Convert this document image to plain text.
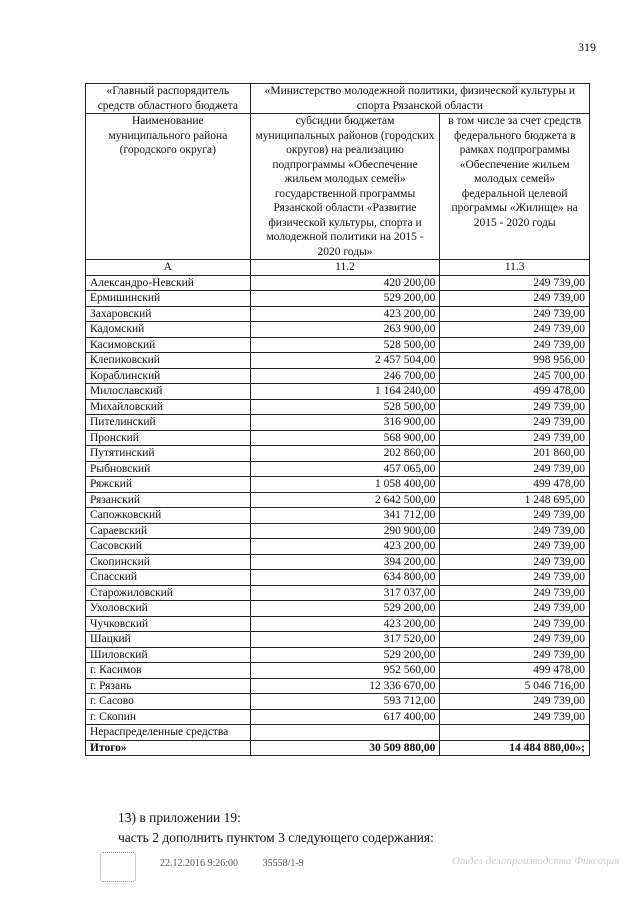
319
«Главный распорядитель средств областного бюджета	«Министерство молодежной политики, физической культуры и спорта Рязанской области	
Наименование муниципального района (городского округа)	субсидии бюджетам муниципальных районов (городских округов) на реализацию подпрограммы «Обеспечение жильем молодых семей» государственной программы Рязанской области «Развитие физической культуры, спорта и молодежной политики на 2015 - 2020 годы»	в том числе за счет средств федерального бюджета в рамках подпрограммы «Обеспечение жильем молодых семей» федеральной целевой программы «Жилище» на 2015 - 2020 годы
А	11.2	11.3
Александро-Невский	420 200,00	249 739,00
Ермишинский	529 200,00	249 739,00
Захаровский	423 200,00	249 739,00
Кадомский	263 900,00	249 739,00
Касимовский	528 500,00	249 739,00
Клепиковский	2 457 504,00	998 956,00
Кораблинский	246 700,00	245 700,00
Милославский	1 164 240,00	499 478,00
Михайловский	528 500,00	249 739,00
Пителинский	316 900,00	249 739,00
Пронский	568 900,00	249 739,00
Путятинский	202 860,00	201 860,00
Рыбновский	457 065,00	249 739,00
Ряжский	1 058 400,00	499 478,00
Рязанский	2 642 500,00	1 248 695,00
Сапожковский	341 712,00	249 739,00
Сараевский	290 900,00	249 739,00
Сасовский	423 200,00	249 739,00
Скопинский	394 200,00	249 739,00
Спасский	634 800,00	249 739,00
Старожиловский	317 037,00	249 739,00
Ухоловский	529 200,00	249 739,00
Чучковский	423 200,00	249 739,00
Шацкий	317 520,00	249 739,00
Шиловский	529 200,00	249 739,00
г. Касимов	952 560,00	499 478,00
г. Рязань	12 336 670,00	5 046 716,00
г. Сасово	593 712,00	249 739,00
г. Скопин	617 400,00	249 739,00
Нераспределенные средства		
Итого»	30 509 880,00	14 484 880,00»;
13) в приложении 19:
часть 2 дополнить пунктом 3 следующего содержания:
22.12.2016 9:26:00 35558/1-9	Отдел делопроизводства Фиксация
